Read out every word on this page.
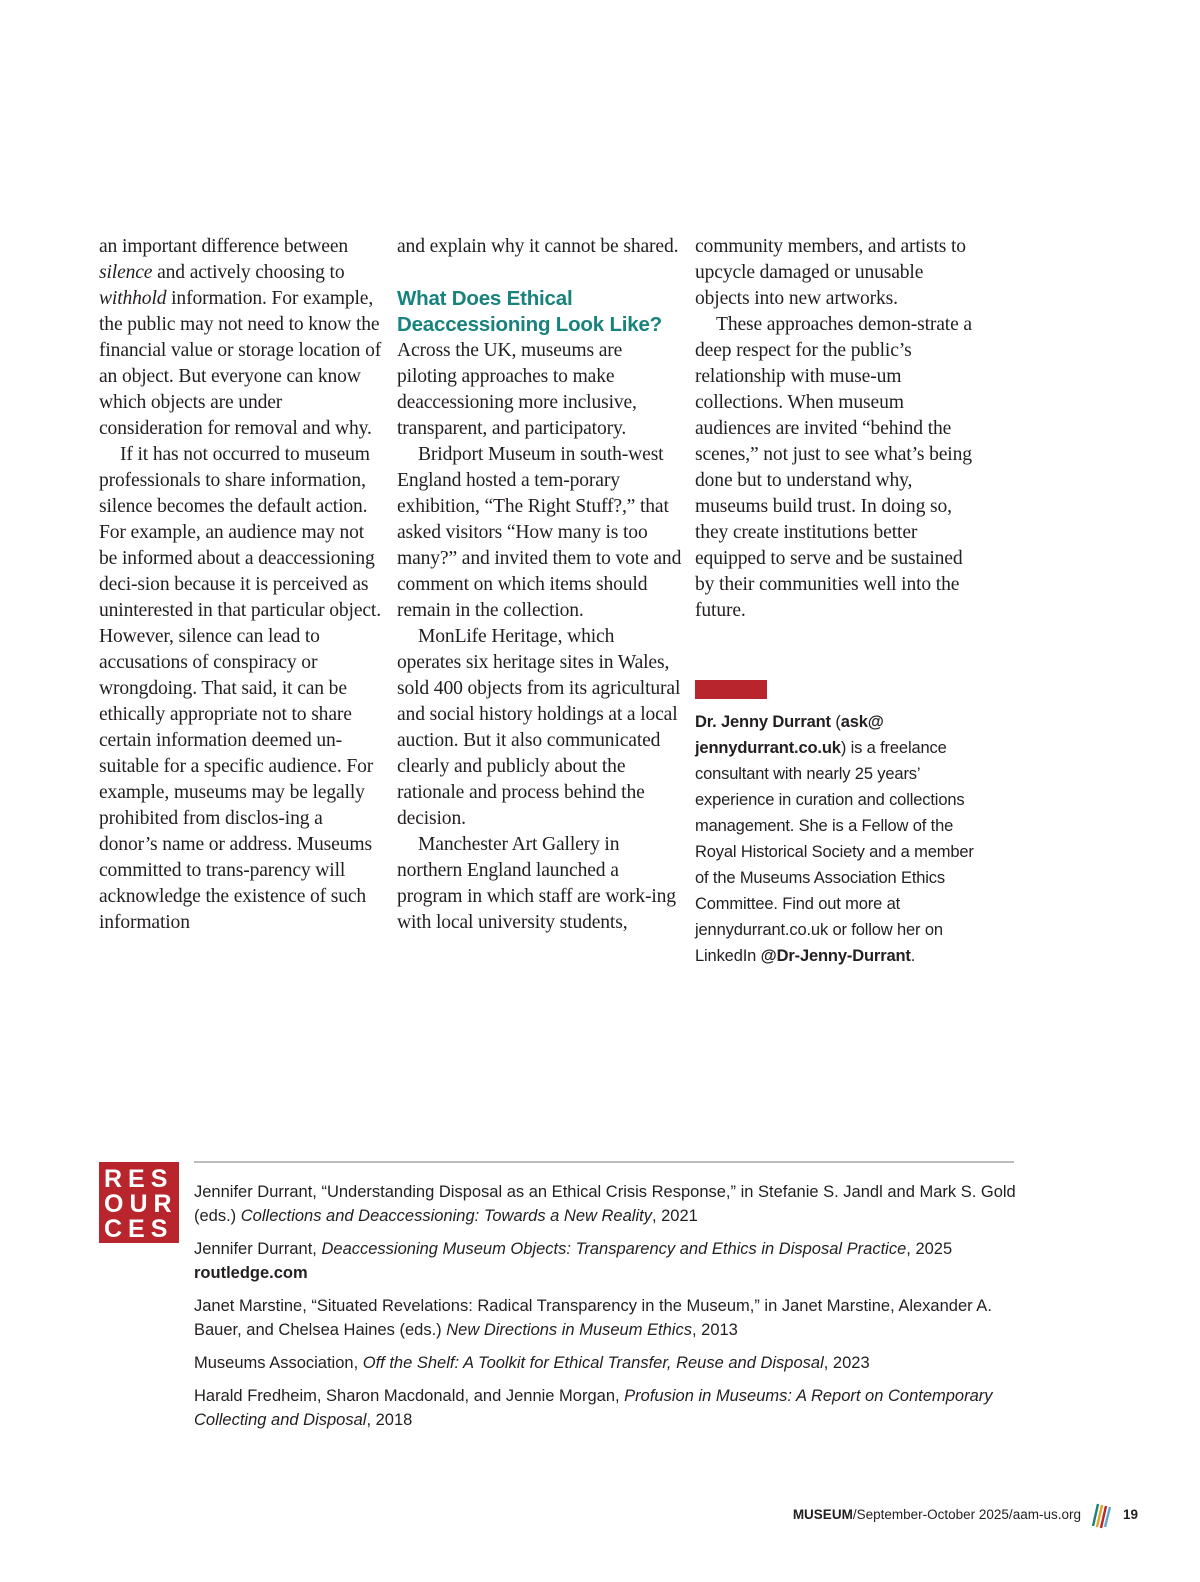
an important difference between silence and actively choosing to withhold information. For example, the public may not need to know the financial value or storage location of an object. But everyone can know which objects are under consideration for removal and why.

If it has not occurred to museum professionals to share information, silence becomes the default action. For example, an audience may not be informed about a deaccessioning deci-sion because it is perceived as uninterested in that particular object. However, silence can lead to accusations of conspiracy or wrongdoing. That said, it can be ethically appropriate not to share certain information deemed un-suitable for a specific audience. For example, museums may be legally prohibited from disclos-ing a donor’s name or address. Museums committed to trans-parency will acknowledge the existence of such information

and explain why it cannot be shared.

What Does Ethical Deaccessioning Look Like?

Across the UK, museums are piloting approaches to make deaccessioning more inclusive, transparent, and participatory.

Bridport Museum in south-west England hosted a tem-porary exhibition, “The Right Stuff?,” that asked visitors “How many is too many?” and invited them to vote and comment on which items should remain in the collection.

MonLife Heritage, which operates six heritage sites in Wales, sold 400 objects from its agricultural and social history holdings at a local auction. But it also communicated clearly and publicly about the rationale and process behind the decision.

Manchester Art Gallery in northern England launched a program in which staff are work-ing with local university students,

community members, and artists to upcycle damaged or unusable objects into new artworks.

These approaches demon-strate a deep respect for the public’s relationship with muse-um collections. When museum audiences are invited “behind the scenes,” not just to see what’s being done but to understand why, museums build trust. In doing so, they create institutions better equipped to serve and be sustained by their communities well into the future.

Dr. Jenny Durrant (ask@ jennydurrant.co.uk) is a freelance consultant with nearly 25 years’ experience in curation and collections management. She is a Fellow of the Royal Historical Society and a member of the Museums Association Ethics Committee. Find out more at jennydurrant.co.uk or follow her on LinkedIn @Dr-Jenny-Durrant.
RES
OUR
CES
Jennifer Durrant, “Understanding Disposal as an Ethical Crisis Response,” in Stefanie S. Jandl and Mark S. Gold (eds.) Collections and Deaccessioning: Towards a New Reality, 2021
Jennifer Durrant, Deaccessioning Museum Objects: Transparency and Ethics in Disposal Practice, 2025
routledge.com
Janet Marstine, “Situated Revelations: Radical Transparency in the Museum,” in Janet Marstine, Alexander A. Bauer, and Chelsea Haines (eds.) New Directions in Museum Ethics, 2013
Museums Association, Off the Shelf: A Toolkit for Ethical Transfer, Reuse and Disposal, 2023
Harald Fredheim, Sharon Macdonald, and Jennie Morgan, Profusion in Museums: A Report on Contemporary Collecting and Disposal, 2018
MUSEUM / September-October 2025 / aam-us.org	19
